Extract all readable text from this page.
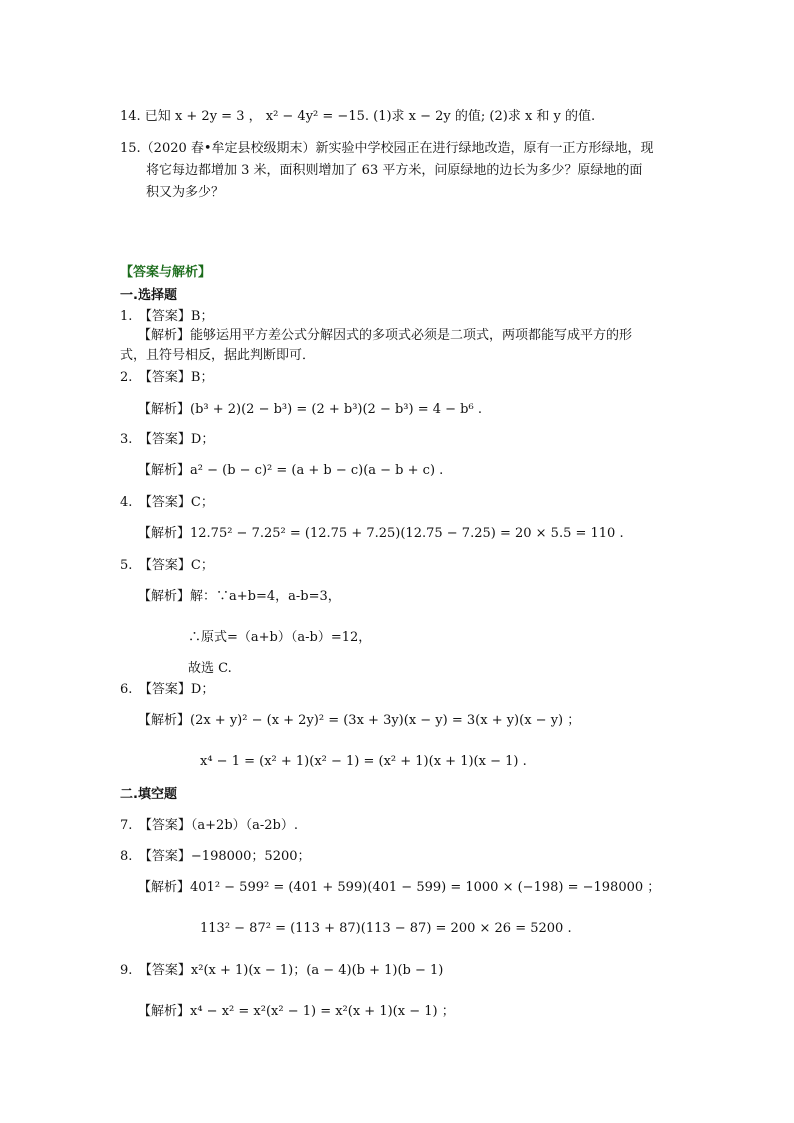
14. 已知 x + 2y = 3 ， x² − 4y² = −15. (1)求 x − 2y 的值; (2)求 x 和 y 的值.
15.（2020 春•牟定县校级期末）新实验中学校园正在进行绿地改造，原有一正方形绿地，现
将它每边都增加 3 米，面积则增加了 63 平方米，问原绿地的边长为多少？原绿地的面
积又为多少？
【答案与解析】
一.选择题
1.　【答案】B；
【解析】能够运用平方差公式分解因式的多项式必须是二项式，两项都能写成平方的形
式，且符号相反，据此判断即可．
2.　【答案】B；
【解析】(b³ + 2)(2 − b³) = (2 + b³)(2 − b³) = 4 − b⁶ .
3.　【答案】D；
【解析】a² − (b − c)² = (a + b − c)(a − b + c) .
4.　【答案】C；
【解析】12.75² − 7.25² = (12.75 + 7.25)(12.75 − 7.25) = 20 × 5.5 = 110 .
5.　【答案】C；
【解析】解：∵a+b=4，a-b=3，
∴原式=（a+b）（a-b）=12，
故选 C.
6.　【答案】D；
【解析】(2x + y)² − (x + 2y)² = (3x + 3y)(x − y) = 3(x + y)(x − y) ；
x⁴ − 1 = (x² + 1)(x² − 1) = (x² + 1)(x + 1)(x − 1) .
二.填空题
7.　【答案】（a+2b）（a-2b）.
8.　【答案】−198000；5200；
【解析】401² − 599² = (401 + 599)(401 − 599) = 1000 × (−198) = −198000 ；
113² − 87² = (113 + 87)(113 − 87) = 200 × 26 = 5200 .
9.　【答案】x²(x + 1)(x − 1)；(a − 4)(b + 1)(b − 1)
【解析】x⁴ − x² = x²(x² − 1) = x²(x + 1)(x − 1) ；
